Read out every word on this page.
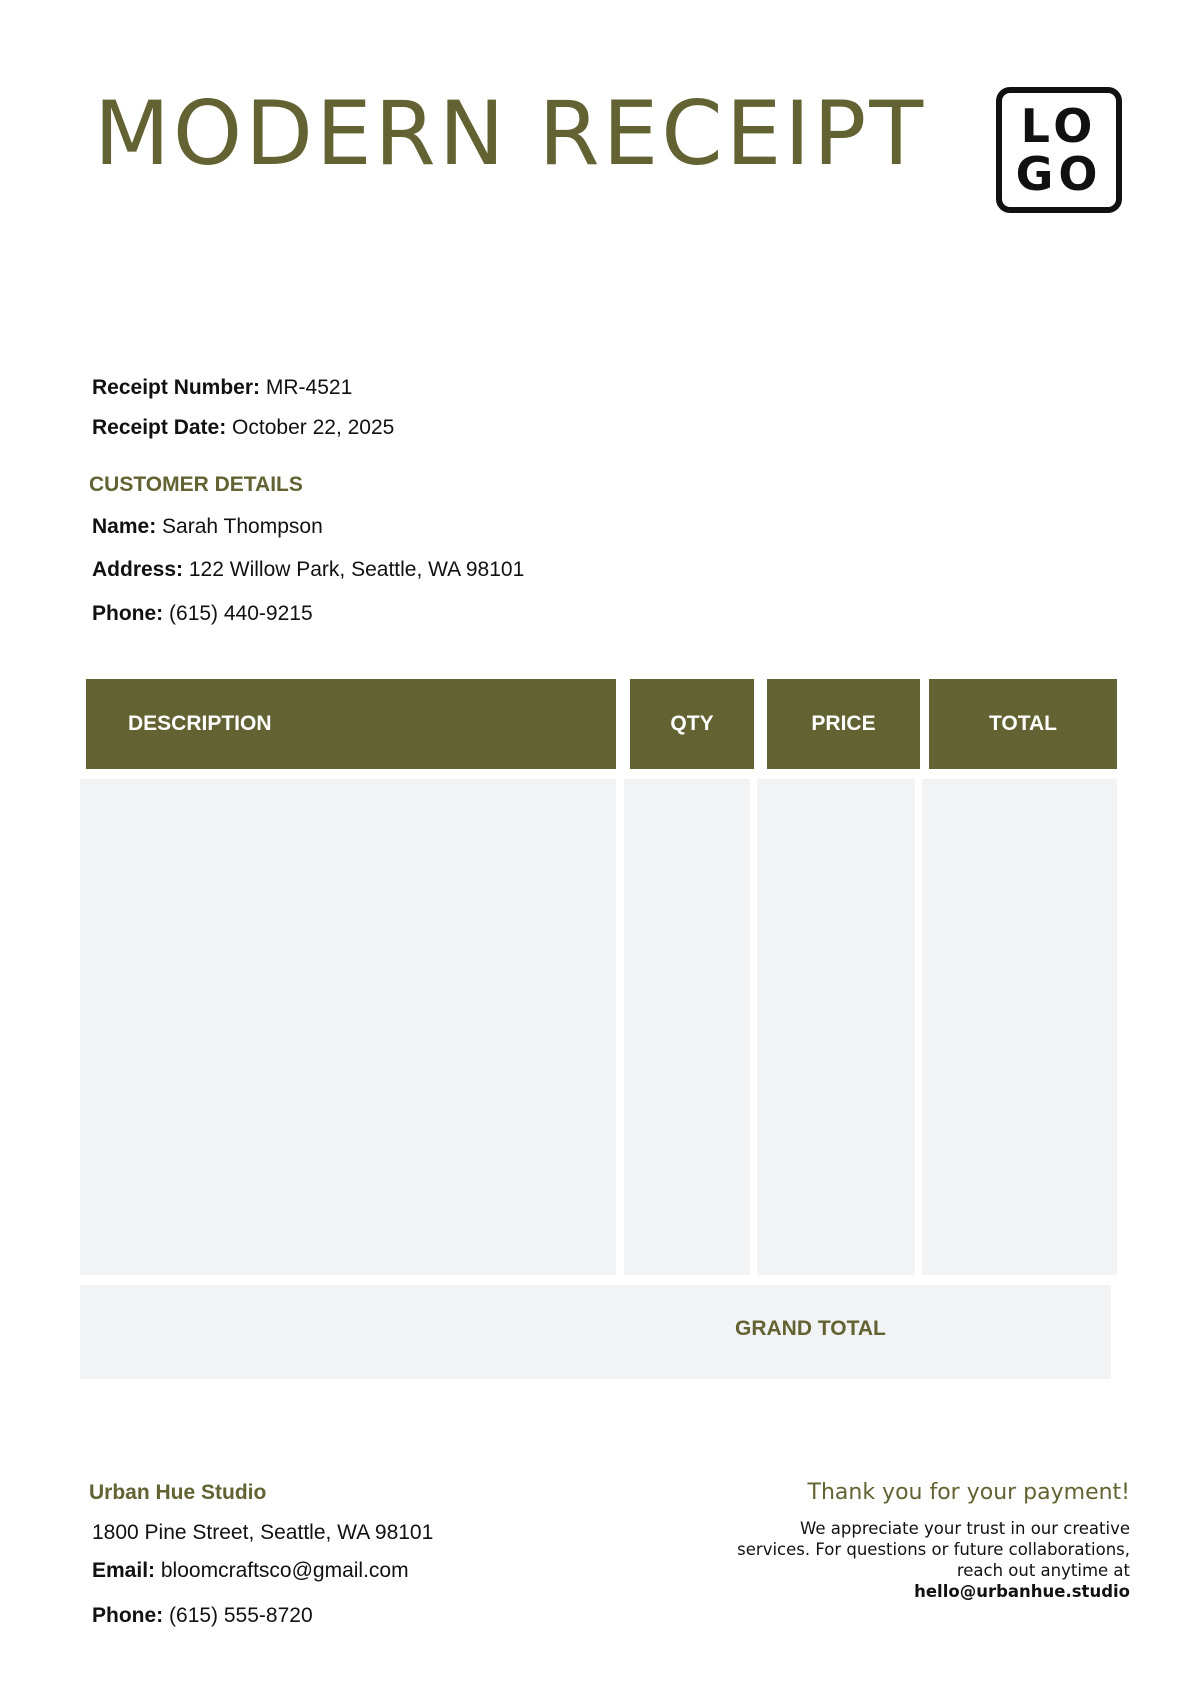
MODERN RECEIPT LO
GO

Receipt Number: MR-4521

Receipt Date: October 22, 2025

CUSTOMER DETAILS

Name: Sarah Thompson

Address: 122 Willow Park, Seattle, WA 98101

Phone: (615) 440-9215

DESCRIPTION	QTY	PRICE	TOTAL

GRAND TOTAL

Urban Hue Studio

1800 Pine Street, Seattle, WA 98101

Email: bloomcraftsco@gmail.com

Phone: (615) 555-8720

Thank you for your payment!

We appreciate your trust in our creative services. For questions or future collaborations, reach out anytime at
hello@urbanhue.studio
